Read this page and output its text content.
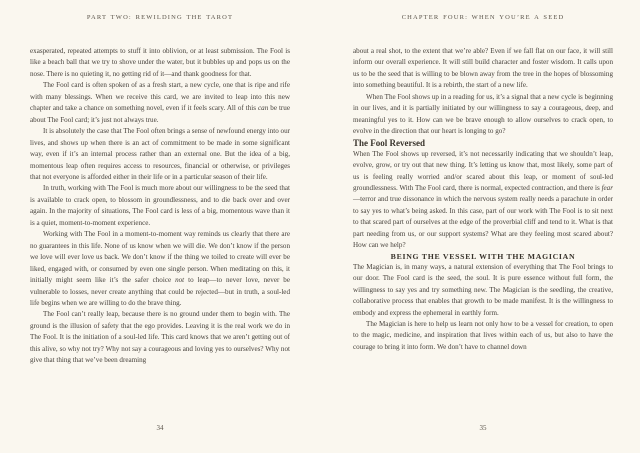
PART TWO: REWILDING THE TAROT

exasperated, repeated attempts to stuff it into oblivion, or at least submission. The Fool is like a beach ball that we try to shove under the water, but it bubbles up and pops us on the nose. There is no quieting it, no getting rid of it—and thank goodness for that.

The Fool card is often spoken of as a fresh start, a new cycle, one that is ripe and rife with many blessings. When we receive this card, we are invited to leap into this new chapter and take a chance on something novel, even if it feels scary. All of this can be true about The Fool card; it’s just not always true.

It is absolutely the case that The Fool often brings a sense of newfound energy into our lives, and shows up when there is an act of commitment to be made in some significant way, even if it’s an internal process rather than an external one. But the idea of a big, momentous leap often requires access to resources, financial or otherwise, or privileges that not everyone is afforded either in their life or in a particular season of their life.

In truth, working with The Fool is much more about our willingness to be the seed that is available to crack open, to blossom in groundlessness, and to die back over and over again. In the majority of situations, The Fool card is less of a big, momentous wave than it is a quiet, moment-to-moment experience.

Working with The Fool in a moment-to-moment way reminds us clearly that there are no guarantees in this life. None of us know when we will die. We don’t know if the person we love will ever love us back. We don’t know if the thing we toiled to create will ever be liked, engaged with, or consumed by even one single person. When meditating on this, it initially might seem like it’s the safer choice not to leap—to never love, never be vulnerable to losses, never create anything that could be rejected—but in truth, a soul-led life begins when we are willing to do the brave thing.

The Fool can’t really leap, because there is no ground under them to begin with. The ground is the illusion of safety that the ego provides. Leaving it is the real work we do in The Fool. It is the initiation of a soul-led life. This card knows that we aren’t getting out of this alive, so why not try? Why not say a courageous and loving yes to ourselves? Why not give that thing that we’ve been dreaming

34
CHAPTER FOUR: WHEN YOU’RE A SEED

about a real shot, to the extent that we’re able? Even if we fall flat on our face, it will still inform our overall experience. It will still build character and foster wisdom. It calls upon us to be the seed that is willing to be blown away from the tree in the hopes of blossoming into something beautiful. It is a rebirth, the start of a new life.

When The Fool shows up in a reading for us, it’s a signal that a new cycle is beginning in our lives, and it is partially initiated by our willingness to say a courageous, deep, and meaningful yes to it. How can we be brave enough to allow ourselves to crack open, to evolve in the direction that our heart is longing to go?

The Fool Reversed

When The Fool shows up reversed, it’s not necessarily indicating that we shouldn’t leap, evolve, grow, or try out that new thing. It’s letting us know that, most likely, some part of us is feeling really worried and/or scared about this leap, or moment of soul-led groundlessness. With The Fool card, there is normal, expected contraction, and there is fear—terror and true dissonance in which the nervous system really needs a parachute in order to say yes to what’s being asked. In this case, part of our work with The Fool is to sit next to that scared part of ourselves at the edge of the proverbial cliff and tend to it. What is that part needing from us, or our support systems? What are they feeling most scared about? How can we help?

BEING THE VESSEL WITH THE MAGICIAN

The Magician is, in many ways, a natural extension of everything that The Fool brings to our door. The Fool card is the seed, the soul. It is pure essence without full form, the willingness to say yes and try something new. The Magician is the seedling, the creative, collaborative process that enables that growth to be made manifest. It is the willingness to embody and express the ephemeral in earthly form.

The Magician is here to help us learn not only how to be a vessel for creation, to open to the magic, medicine, and inspiration that lives within each of us, but also to have the courage to bring it into form. We don’t have to channel down

35
